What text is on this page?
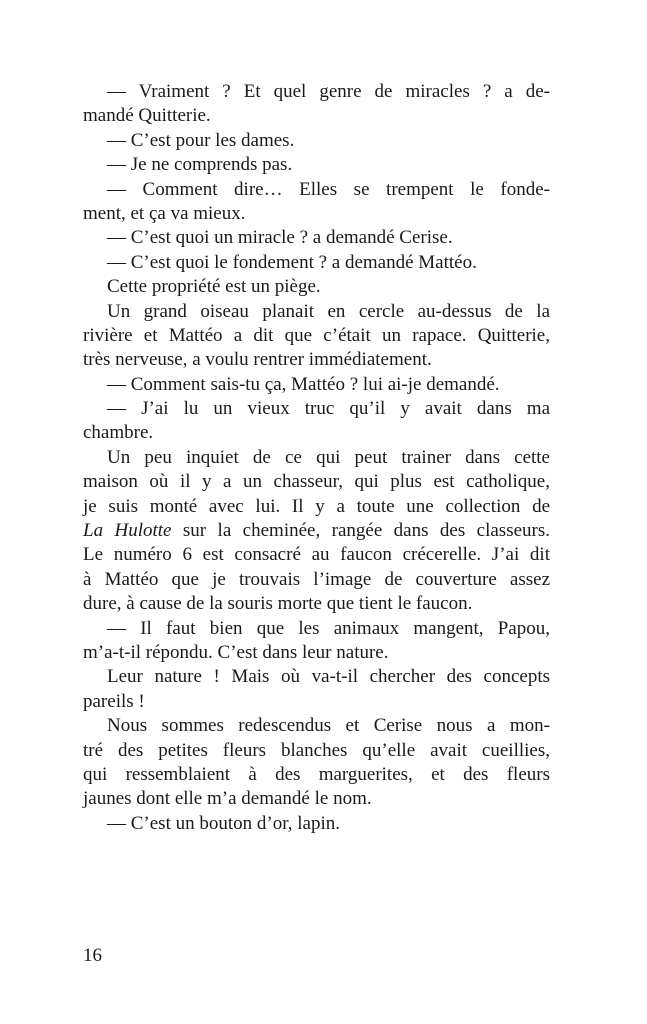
— Vraiment ? Et quel genre de miracles ? a de-
mandé Quitterie.
— C’est pour les dames.
— Je ne comprends pas.
— Comment dire… Elles se trempent le fonde-
ment, et ça va mieux.
— C’est quoi un miracle ? a demandé Cerise.
— C’est quoi le fondement ? a demandé Mattéo.
Cette propriété est un piège.
Un grand oiseau planait en cercle au-dessus de la
rivière et Mattéo a dit que c’était un rapace. Quitterie,
très nerveuse, a voulu rentrer immédiatement.
— Comment sais-tu ça, Mattéo ? lui ai-je demandé.
— J’ai lu un vieux truc qu’il y avait dans ma
chambre.
Un peu inquiet de ce qui peut trainer dans cette
maison où il y a un chasseur, qui plus est catholique,
je suis monté avec lui. Il y a toute une collection de
La Hulotte sur la cheminée, rangée dans des classeurs.
Le numéro 6 est consacré au faucon crécerelle. J’ai dit
à Mattéo que je trouvais l’image de couverture assez
dure, à cause de la souris morte que tient le faucon.
— Il faut bien que les animaux mangent, Papou,
m’a-t-il répondu. C’est dans leur nature.
Leur nature ! Mais où va-t-il chercher des concepts
pareils !
Nous sommes redescendus et Cerise nous a mon-
tré des petites fleurs blanches qu’elle avait cueillies,
qui ressemblaient à des marguerites, et des fleurs
jaunes dont elle m’a demandé le nom.
— C’est un bouton d’or, lapin.
16
